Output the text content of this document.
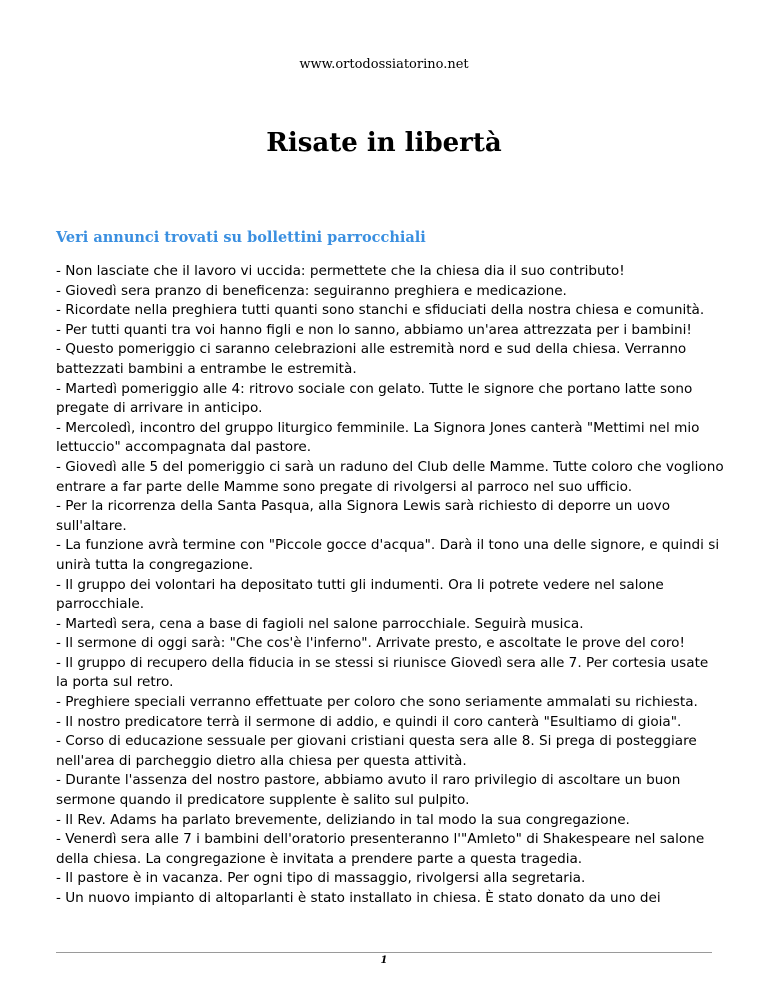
www.ortodossiatorino.net
Risate in libertà
Veri annunci trovati su bollettini parrocchiali
- Non lasciate che il lavoro vi uccida: permettete che la chiesa dia il suo contributo!
- Giovedì sera pranzo di beneficenza: seguiranno preghiera e medicazione.
- Ricordate nella preghiera tutti quanti sono stanchi e sfiduciati della nostra chiesa e comunità.
- Per tutti quanti tra voi hanno figli e non lo sanno, abbiamo un'area attrezzata per i bambini!
- Questo pomeriggio ci saranno celebrazioni alle estremità nord e sud della chiesa. Verranno battezzati bambini a entrambe le estremità.
- Martedì pomeriggio alle 4: ritrovo sociale con gelato. Tutte le signore che portano latte sono pregate di arrivare in anticipo.
- Mercoledì, incontro del gruppo liturgico femminile. La Signora Jones canterà "Mettimi nel mio lettuccio" accompagnata dal pastore.
- Giovedì alle 5 del pomeriggio ci sarà un raduno del Club delle Mamme. Tutte coloro che vogliono entrare a far parte delle Mamme sono pregate di rivolgersi al parroco nel suo ufficio.
- Per la ricorrenza della Santa Pasqua, alla Signora Lewis sarà richiesto di deporre un uovo sull'altare.
- La funzione avrà termine con "Piccole gocce d'acqua". Darà il tono una delle signore, e quindi si unirà tutta la congregazione.
- Il gruppo dei volontari ha depositato tutti gli indumenti. Ora li potrete vedere nel salone parrocchiale.
- Martedì sera, cena a base di fagioli nel salone parrocchiale. Seguirà musica.
- Il sermone di oggi sarà: "Che cos'è l'inferno". Arrivate presto, e ascoltate le prove del coro!
- Il gruppo di recupero della fiducia in se stessi si riunisce Giovedì sera alle 7. Per cortesia usate la porta sul retro.
- Preghiere speciali verranno effettuate per coloro che sono seriamente ammalati su richiesta.
- Il nostro predicatore terrà il sermone di addio, e quindi il coro canterà "Esultiamo di gioia".
- Corso di educazione sessuale per giovani cristiani questa sera alle 8. Si prega di posteggiare nell'area di parcheggio dietro alla chiesa per questa attività.
- Durante l'assenza del nostro pastore, abbiamo avuto il raro privilegio di ascoltare un buon sermone quando il predicatore supplente è salito sul pulpito.
- Il Rev. Adams ha parlato brevemente, deliziando in tal modo la sua congregazione.
- Venerdì sera alle 7 i bambini dell'oratorio presenteranno l'"Amleto" di Shakespeare nel salone della chiesa. La congregazione è invitata a prendere parte a questa tragedia.
- Il pastore è in vacanza. Per ogni tipo di massaggio, rivolgersi alla segretaria.
- Un nuovo impianto di altoparlanti è stato installato in chiesa. È stato donato da uno dei
1
